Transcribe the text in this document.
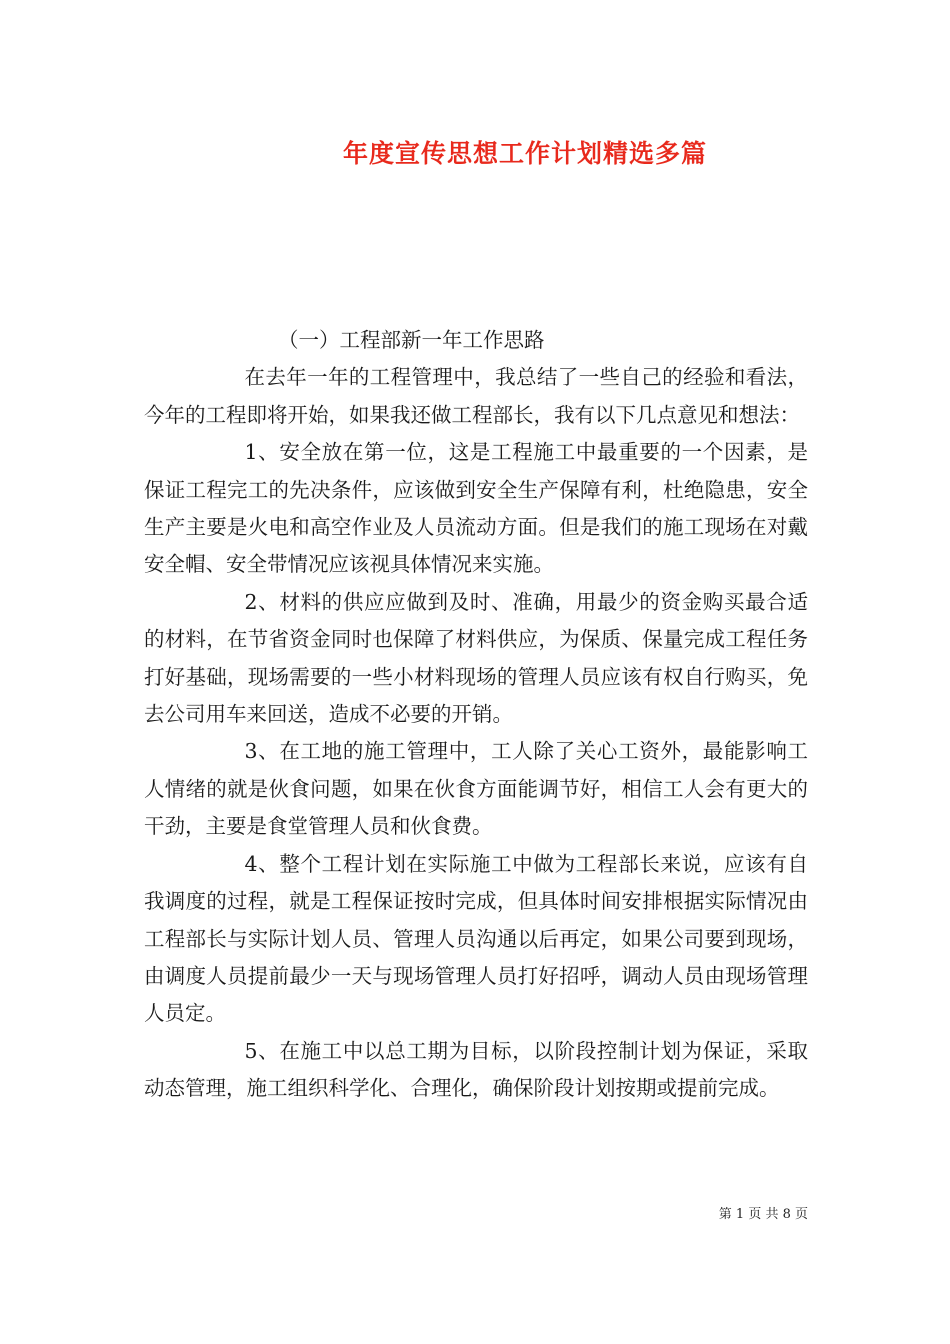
年度宣传思想工作计划精选多篇

（一）工程部新一年工作思路

在去年一年的工程管理中，我总结了一些自己的经验和看法，今年的工程即将开始，如果我还做工程部长，我有以下几点意见和想法：

1、安全放在第一位，这是工程施工中最重要的一个因素，是保证工程完工的先决条件，应该做到安全生产保障有利，杜绝隐患，安全生产主要是火电和高空作业及人员流动方面。但是我们的施工现场在对戴安全帽、安全带情况应该视具体情况来实施。

2、材料的供应应做到及时、准确，用最少的资金购买最合适的材料，在节省资金同时也保障了材料供应，为保质、保量完成工程任务打好基础，现场需要的一些小材料现场的管理人员应该有权自行购买，免去公司用车来回送，造成不必要的开销。

3、在工地的施工管理中，工人除了关心工资外，最能影响工人情绪的就是伙食问题，如果在伙食方面能调节好，相信工人会有更大的干劲，主要是食堂管理人员和伙食费。

4、整个工程计划在实际施工中做为工程部长来说，应该有自我调度的过程，就是工程保证按时完成，但具体时间安排根据实际情况由工程部长与实际计划人员、管理人员沟通以后再定，如果公司要到现场，由调度人员提前最少一天与现场管理人员打好招呼，调动人员由现场管理人员定。

5、在施工中以总工期为目标，以阶段控制计划为保证，采取动态管理，施工组织科学化、合理化，确保阶段计划按期或提前完成。

第 1 页 共 8 页
